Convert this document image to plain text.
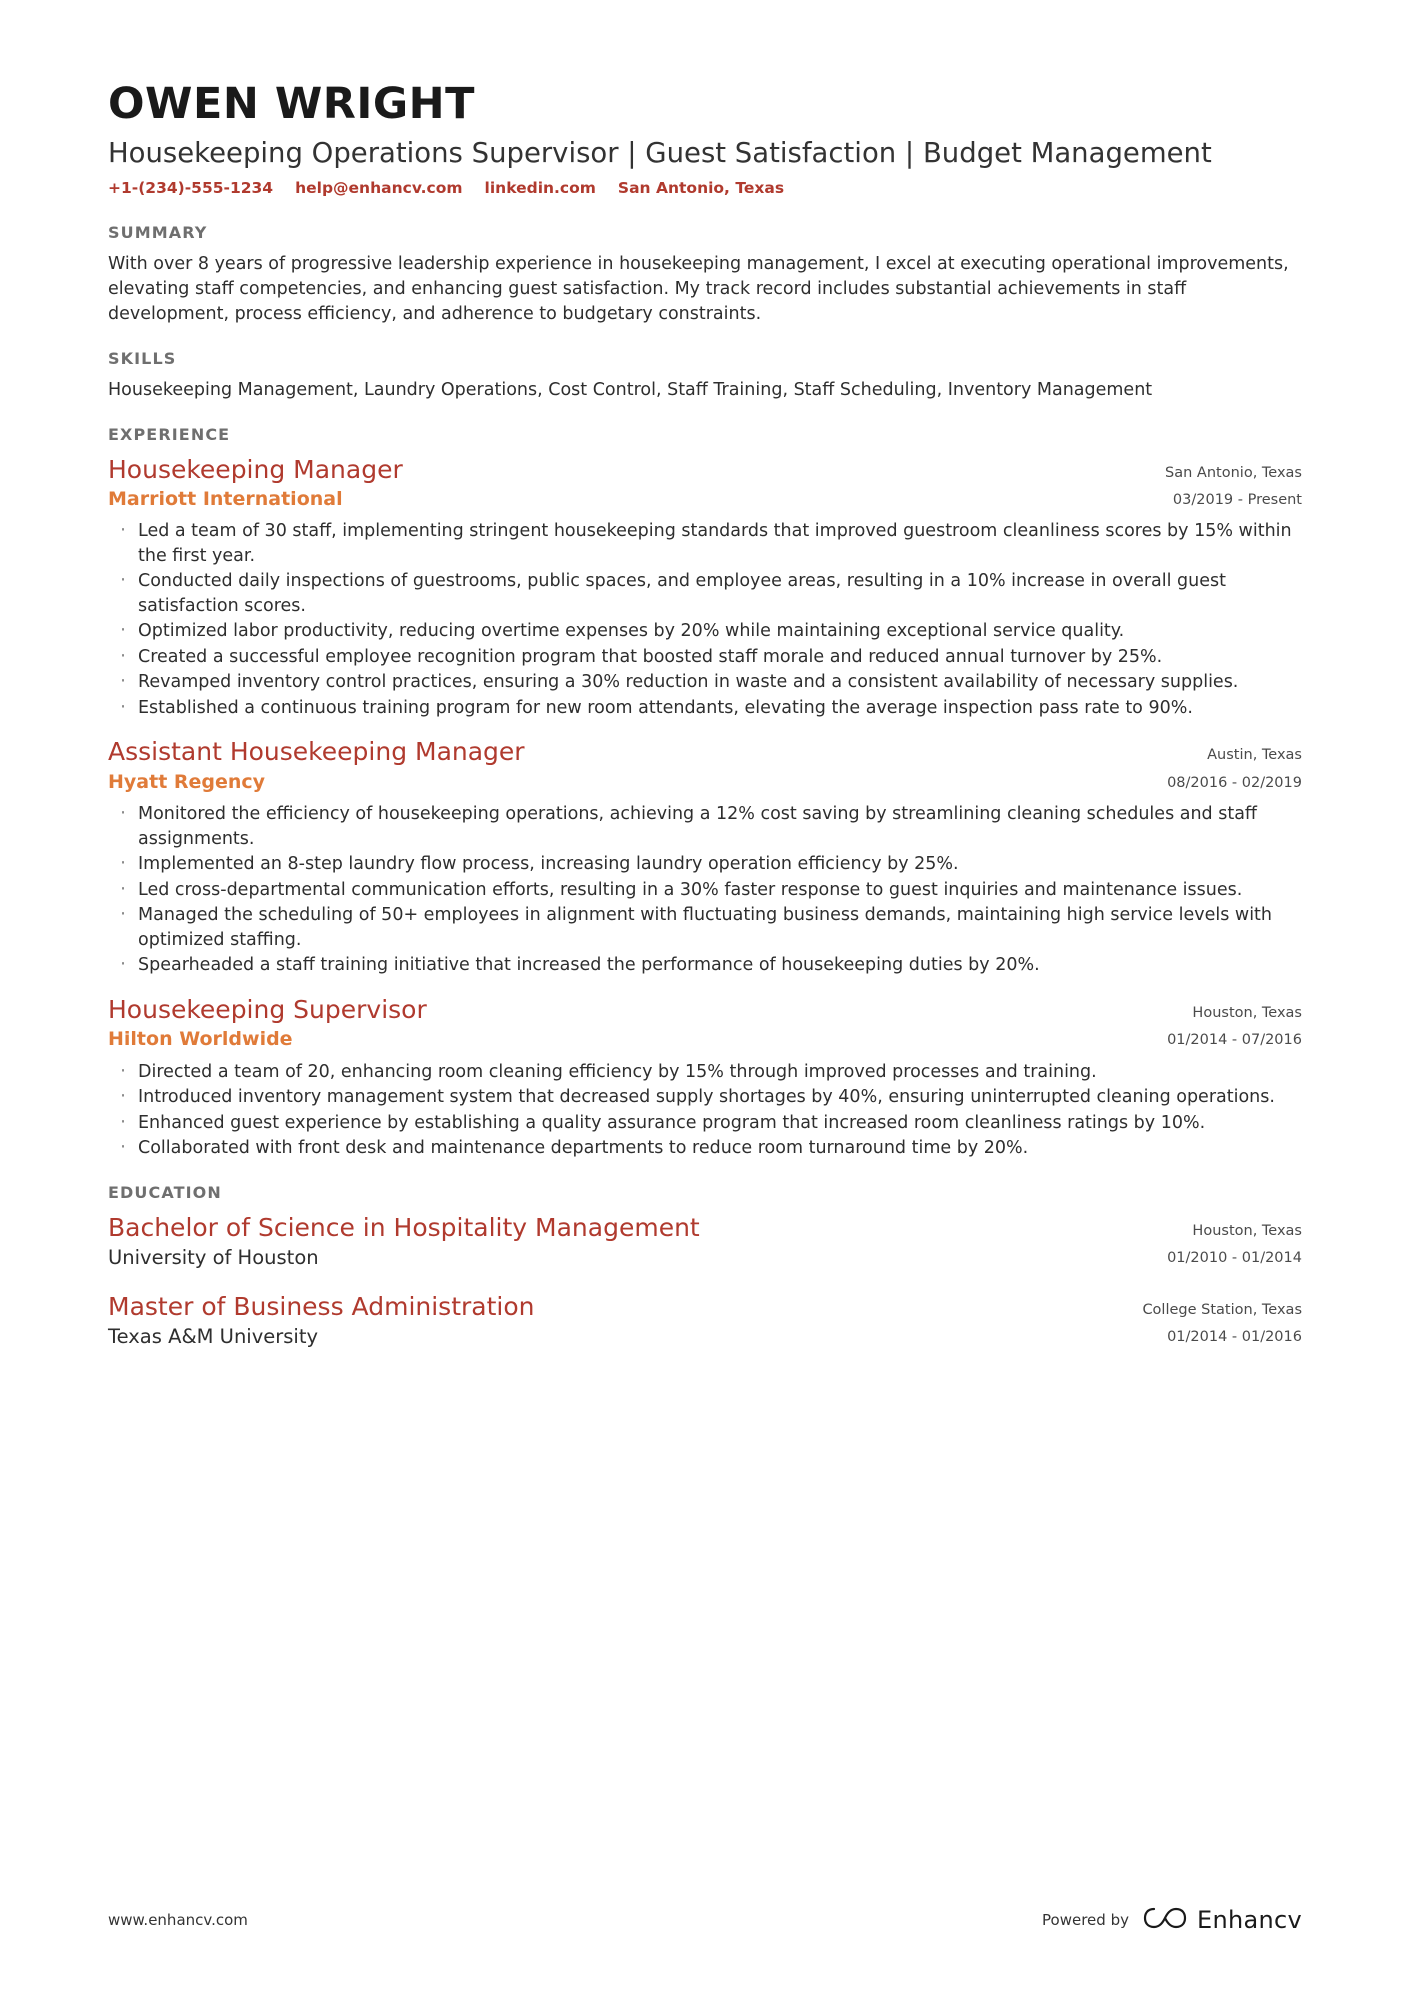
OWEN WRIGHT
Housekeeping Operations Supervisor | Guest Satisfaction | Budget Management
+1-(234)-555-1234 help@enhancv.com linkedin.com San Antonio, Texas
SUMMARY
With over 8 years of progressive leadership experience in housekeeping management, I excel at executing operational improvements, elevating staff competencies, and enhancing guest satisfaction. My track record includes substantial achievements in staff development, process efficiency, and adherence to budgetary constraints.
SKILLS
Housekeeping Management, Laundry Operations, Cost Control, Staff Training, Staff Scheduling, Inventory Management
EXPERIENCE
Housekeeping Manager
Marriott International
San Antonio, Texas
03/2019 - Present
· Led a team of 30 staff, implementing stringent housekeeping standards that improved guestroom cleanliness scores by 15% within the first year.
· Conducted daily inspections of guestrooms, public spaces, and employee areas, resulting in a 10% increase in overall guest satisfaction scores.
· Optimized labor productivity, reducing overtime expenses by 20% while maintaining exceptional service quality.
· Created a successful employee recognition program that boosted staff morale and reduced annual turnover by 25%.
· Revamped inventory control practices, ensuring a 30% reduction in waste and a consistent availability of necessary supplies.
· Established a continuous training program for new room attendants, elevating the average inspection pass rate to 90%.
Assistant Housekeeping Manager
Hyatt Regency
Austin, Texas
08/2016 - 02/2019
· Monitored the efficiency of housekeeping operations, achieving a 12% cost saving by streamlining cleaning schedules and staff assignments.
· Implemented an 8-step laundry flow process, increasing laundry operation efficiency by 25%.
· Led cross-departmental communication efforts, resulting in a 30% faster response to guest inquiries and maintenance issues.
· Managed the scheduling of 50+ employees in alignment with fluctuating business demands, maintaining high service levels with optimized staffing.
· Spearheaded a staff training initiative that increased the performance of housekeeping duties by 20%.
Housekeeping Supervisor
Hilton Worldwide
Houston, Texas
01/2014 - 07/2016
· Directed a team of 20, enhancing room cleaning efficiency by 15% through improved processes and training.
· Introduced inventory management system that decreased supply shortages by 40%, ensuring uninterrupted cleaning operations.
· Enhanced guest experience by establishing a quality assurance program that increased room cleanliness ratings by 10%.
· Collaborated with front desk and maintenance departments to reduce room turnaround time by 20%.
EDUCATION
Bachelor of Science in Hospitality Management
University of Houston
Houston, Texas
01/2010 - 01/2014
Master of Business Administration
Texas A&M University
College Station, Texas
01/2014 - 01/2016
www.enhancv.com	Powered by	Enhancv
